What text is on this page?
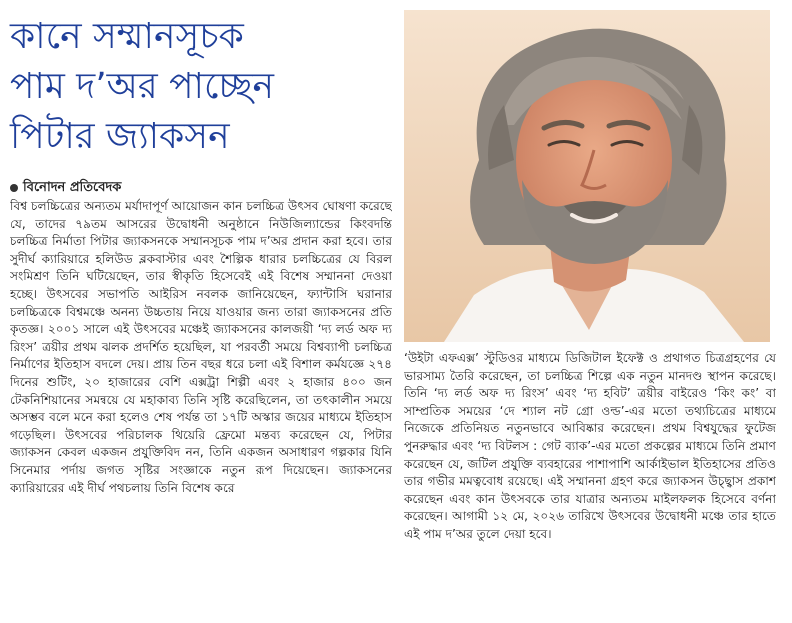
কানে সম্মানসূচক
পাম দ’অর পাচ্ছেন
পিটার জ্যাকসন
বিনোদন প্রতিবেদক

বিশ্ব চলচ্চিত্রের অন্যতম মর্যাদাপূর্ণ আয়োজন কান চলচ্চিত্র উৎসব ঘোষণা করেছে যে, তাদের ৭৯তম আসরের উদ্বোধনী অনুষ্ঠানে নিউজিল্যান্ডের কিংবদন্তি চলচ্চিত্র নির্মাতা পিটার জ্যাকসনকে সম্মানসূচক পাম দ’অর প্রদান করা হবে। তার সুদীর্ঘ ক্যারিয়ারে হলিউড ব্লকবাস্টার এবং শৈল্পিক ধারার চলচ্চিত্রের যে বিরল সংমিশ্রণ তিনি ঘটিয়েছেন, তার স্বীকৃতি হিসেবেই এই বিশেষ সম্মাননা দেওয়া হচ্ছে। উৎসবের সভাপতি আইরিস নবলক জানিয়েছেন, ফ্যান্টাসি ঘরানার চলচ্চিত্রকে বিশ্বমঞ্চে অনন্য উচ্চতায় নিয়ে যাওয়ার জন্য তারা জ্যাকসনের প্রতি কৃতজ্ঞ। ২০০১ সালে এই উৎসবের মঞ্চেই জ্যাকসনের কালজয়ী ‘দ্য লর্ড অফ দ্য রিংস’ ত্রয়ীর প্রথম ঝলক প্রদর্শিত হয়েছিল, যা পরবর্তী সময়ে বিশ্বব্যাপী চলচ্চিত্র নির্মাণের ইতিহাস বদলে দেয়। প্রায় তিন বছর ধরে চলা এই বিশাল কর্মযজ্ঞে ২৭৪ দিনের শুটিং, ২০ হাজারের বেশি এক্সট্রা শিল্পী এবং ২ হাজার ৪০০ জন টেকনিশিয়ানের সমন্বয়ে যে মহাকাব্য তিনি সৃষ্টি করেছিলেন, তা তৎকালীন সময়ে অসম্ভব বলে মনে করা হলেও শেষ পর্যন্ত তা ১৭টি অস্কার জয়ের মাধ্যমে ইতিহাস গড়েছিল। উৎসবের পরিচালক থিয়েরি ফ্রেমো মন্তব্য করেছেন যে, পিটার জ্যাকসন কেবল একজন প্রযুক্তিবিদ নন, তিনি একজন অসাধারণ গল্পকার যিনি সিনেমার পর্দায় জগত সৃষ্টির সংজ্ঞাকে নতুন রূপ দিয়েছেন। জ্যাকসনের ক্যারিয়ারের এই দীর্ঘ পথচলায় তিনি বিশেষ করে

‘উইটা এফএক্স’ স্টুডিওর মাধ্যমে ডিজিটাল ইফেক্ট ও প্রথাগত চিত্রগ্রহণের যে ভারসাম্য তৈরি করেছেন, তা চলচ্চিত্র শিল্পে এক নতুন মানদণ্ড স্থাপন করেছে। তিনি ‘দ্য লর্ড অফ দ্য রিংস’ এবং ‘দ্য হবিট’ ত্রয়ীর বাইরেও ‘কিং কং’ বা সাম্প্রতিক সময়ের ‘দে শ্যাল নট গ্রো ওল্ড’-এর মতো তথ্যচিত্রের মাধ্যমে নিজেকে প্রতিনিয়ত নতুনভাবে আবিষ্কার করেছেন। প্রথম বিশ্বযুদ্ধের ফুটেজ পুনরুদ্ধার এবং ‘দ্য বিটলস : গেট ব্যাক’-এর মতো প্রকল্পের মাধ্যমে তিনি প্রমাণ করেছেন যে, জটিল প্রযুক্তি ব্যবহারের পাশাপাশি আর্কাইভাল ইতিহাসের প্রতিও তার গভীর মমত্ববোধ রয়েছে। এই সম্মাননা গ্রহণ করে জ্যাকসন উচ্ছ্বাস প্রকাশ করেছেন এবং কান উৎসবকে তার যাত্রার অন্যতম মাইলফলক হিসেবে বর্ণনা করেছেন। আগামী ১২ মে, ২০২৬ তারিখে উৎসবের উদ্বোধনী মঞ্চে তার হাতে এই পাম দ’অর তুলে দেয়া হবে।
